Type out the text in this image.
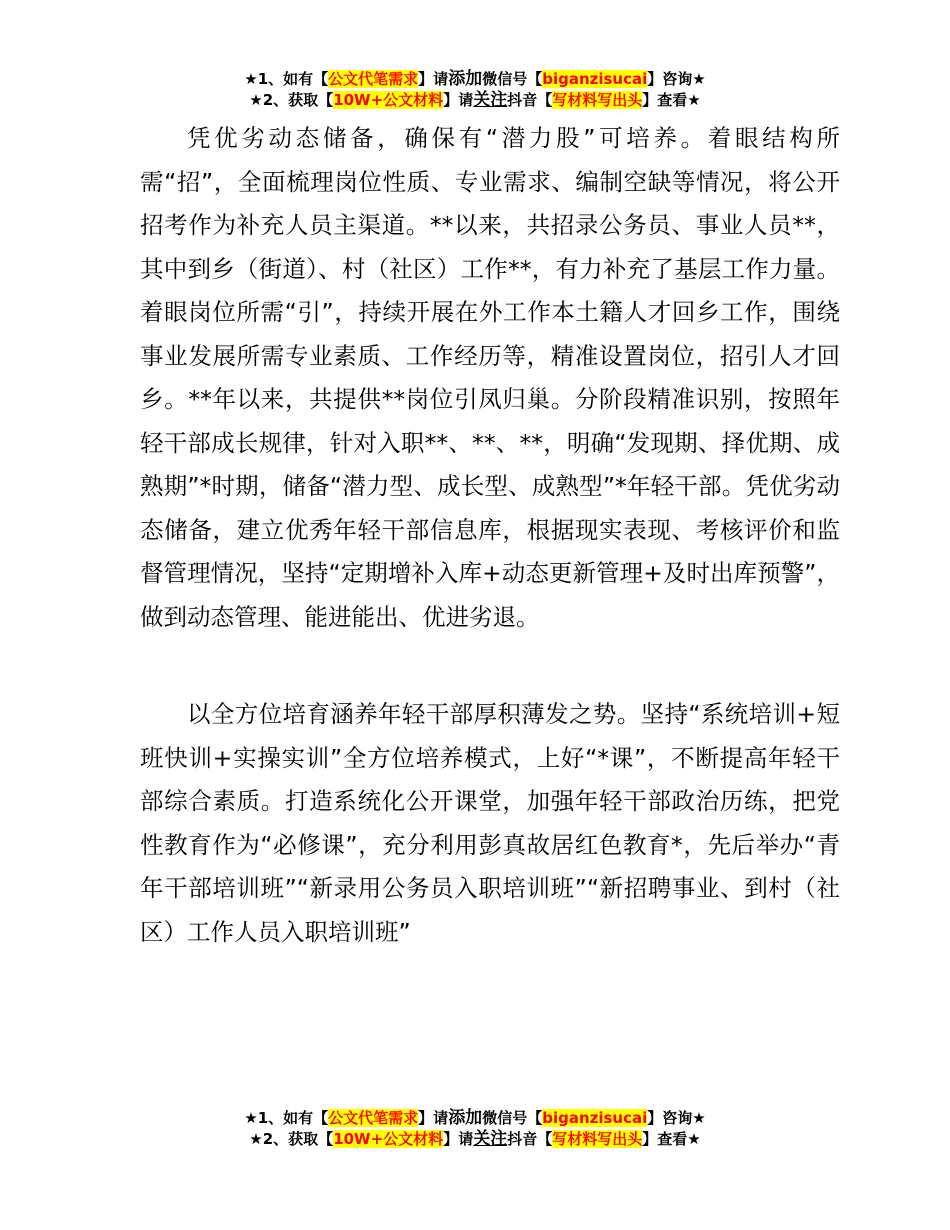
★1、如有【公文代笔需求】请添加微信号【biganzisucai】咨询★
★2、获取【10W+公文材料】请关注抖音【写材料写出头】查看★

凭优劣动态储备，确保有“潜力股”可培养。着眼结构所需“招”，全面梳理岗位性质、专业需求、编制空缺等情况，将公开招考作为补充人员主渠道。**以来，共招录公务员、事业人员**，其中到乡（街道）、村（社区）工作**，有力补充了基层工作力量。着眼岗位所需“引”，持续开展在外工作本土籍人才回乡工作，围绕事业发展所需专业素质、工作经历等，精准设置岗位，招引人才回乡。**年以来，共提供**岗位引凤归巢。分阶段精准识别，按照年轻干部成长规律，针对入职**、**、**，明确“发现期、择优期、成熟期”*时期，储备“潜力型、成长型、成熟型”*年轻干部。凭优劣动态储备，建立优秀年轻干部信息库，根据现实表现、考核评价和监督管理情况，坚持“定期增补入库+动态更新管理+及时出库预警”，做到动态管理、能进能出、优进劣退。

以全方位培育涵养年轻干部厚积薄发之势。坚持“系统培训+短班快训+实操实训”全方位培养模式，上好“*课”，不断提高年轻干部综合素质。打造系统化公开课堂，加强年轻干部政治历练，把党性教育作为“必修课”，充分利用彭真故居红色教育*，先后举办“青年干部培训班”“新录用公务员入职培训班”“新招聘事业、到村（社区）工作人员入职培训班”

★1、如有【公文代笔需求】请添加微信号【biganzisucai】咨询★
★2、获取【10W+公文材料】请关注抖音【写材料写出头】查看★
